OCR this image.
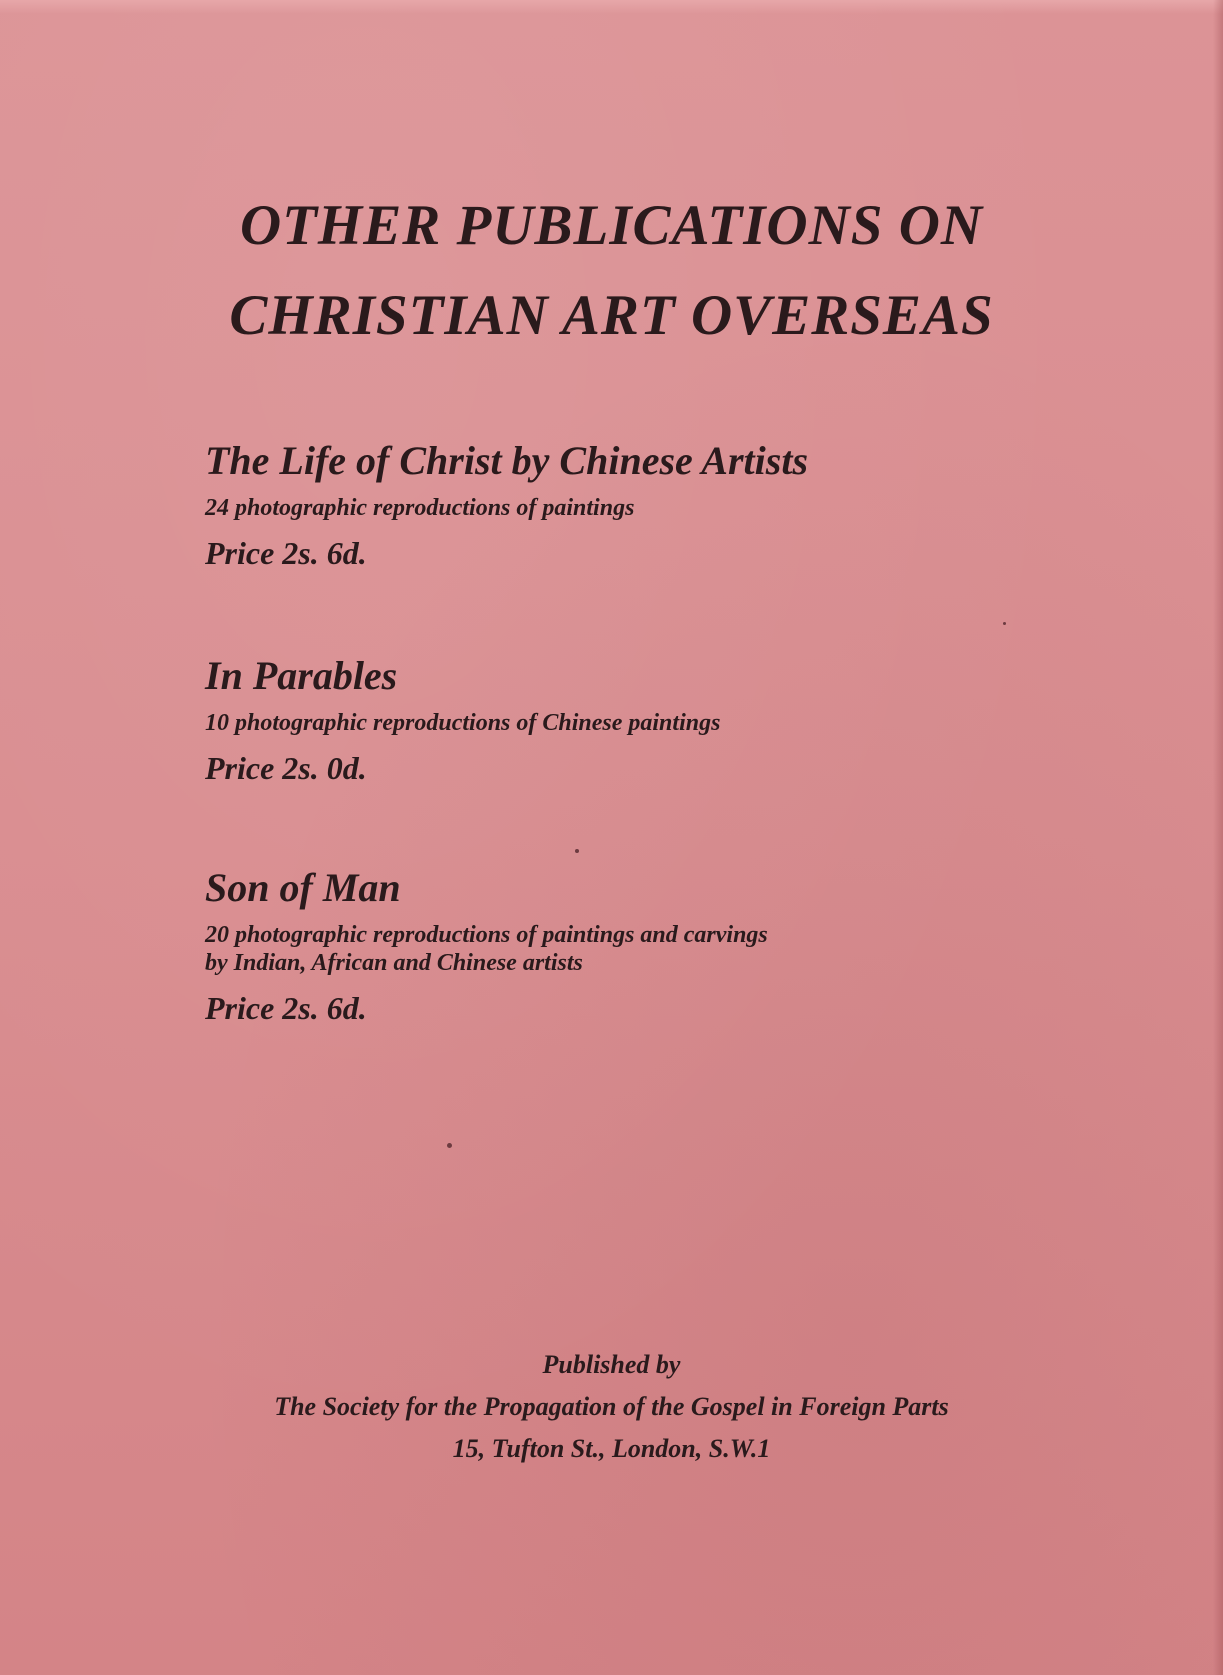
OTHER PUBLICATIONS ON
CHRISTIAN ART OVERSEAS
The Life of Christ by Chinese Artists
24 photographic reproductions of paintings
Price 2s. 6d.
In Parables
10 photographic reproductions of Chinese paintings
Price 2s. 0d.
Son of Man
20 photographic reproductions of paintings and carvings
by Indian, African and Chinese artists
Price 2s. 6d.
Published by
The Society for the Propagation of the Gospel in Foreign Parts
15, Tufton St., London, S.W.1
